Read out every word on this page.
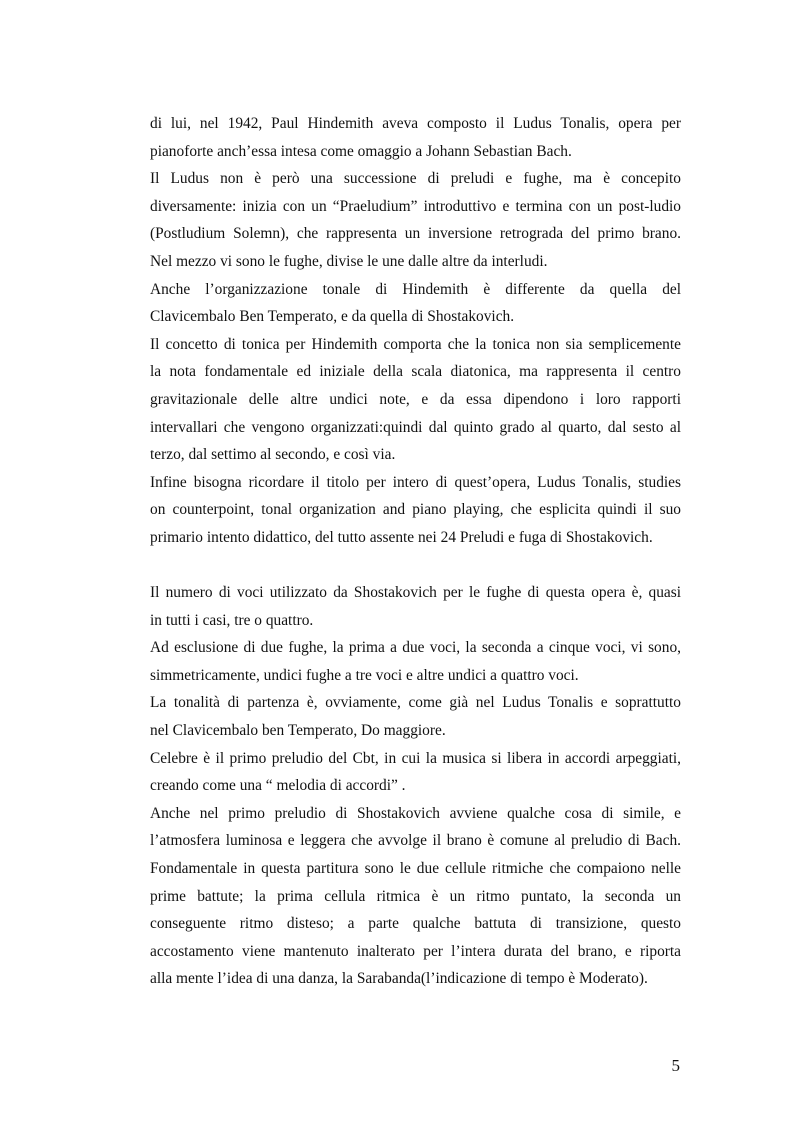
di lui, nel 1942, Paul Hindemith aveva composto il Ludus Tonalis, opera per
pianoforte anch’essa intesa come omaggio a Johann Sebastian Bach.
Il Ludus non è però una successione di preludi e fughe, ma è concepito
diversamente: inizia con un “Praeludium” introduttivo e termina con un post-ludio
(Postludium Solemn), che rappresenta un inversione retrograda del primo brano.
Nel mezzo vi sono le fughe, divise le une dalle altre da interludi.
Anche l’organizzazione tonale di Hindemith è differente da quella del
Clavicembalo Ben Temperato, e da quella di Shostakovich.
Il concetto di tonica per Hindemith comporta che la tonica non sia semplicemente
la nota fondamentale ed iniziale della scala diatonica, ma rappresenta il centro
gravitazionale delle altre undici note, e da essa dipendono i loro rapporti
intervallari che vengono organizzati:quindi dal quinto grado al quarto, dal sesto al
terzo, dal settimo al secondo, e così via.
Infine bisogna ricordare il titolo per intero di quest’opera, Ludus Tonalis, studies
on counterpoint, tonal organization and piano playing, che esplicita quindi il suo
primario intento didattico, del tutto assente nei 24 Preludi e fuga di Shostakovich.
Il numero di voci utilizzato da Shostakovich per le fughe di questa opera è, quasi
in tutti i casi, tre o quattro.
Ad esclusione di due fughe, la prima a due voci, la seconda a cinque voci, vi sono,
simmetricamente, undici fughe a tre voci e altre undici a quattro voci.
La tonalità di partenza è, ovviamente, come già nel Ludus Tonalis e soprattutto
nel Clavicembalo ben Temperato, Do maggiore.
Celebre è il primo preludio del Cbt, in cui la musica si libera in accordi arpeggiati,
creando come una “ melodia di accordi” .
Anche nel primo preludio di Shostakovich avviene qualche cosa di simile, e
l’atmosfera luminosa e leggera che avvolge il brano è comune al preludio di Bach.
Fondamentale in questa partitura sono le due cellule ritmiche che compaiono nelle
prime battute; la prima cellula ritmica è un ritmo puntato, la seconda un
conseguente ritmo disteso; a parte qualche battuta di transizione, questo
accostamento viene mantenuto inalterato per l’intera durata del brano, e riporta
alla mente l’idea di una danza, la Sarabanda(l’indicazione di tempo è Moderato).
5
